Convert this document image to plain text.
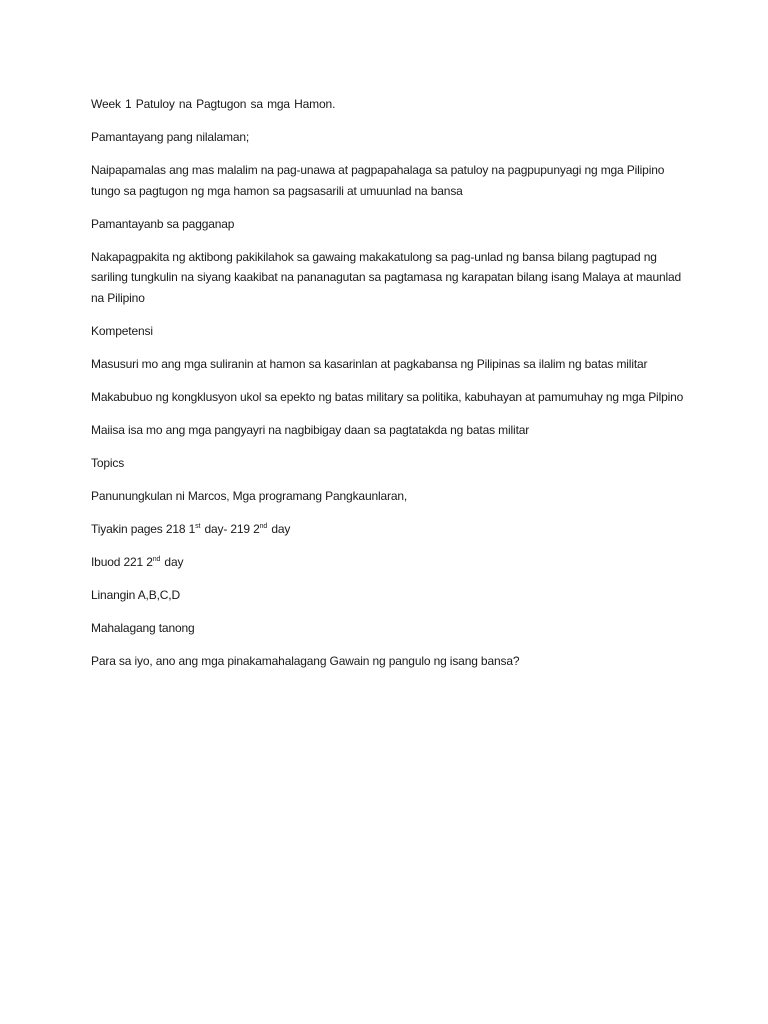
Week 1 Patuloy na Pagtugon sa mga Hamon.

Pamantayang pang nilalaman;

Naipapamalas ang mas malalim na pag-unawa at pagpapahalaga sa patuloy na pagpupunyagi ng mga Pilipino tungo sa pagtugon ng mga hamon sa pagsasarili at umuunlad na bansa

Pamantayanb sa pagganap

Nakapagpakita ng aktibong pakikilahok sa gawaing makakatulong sa pag-unlad ng bansa bilang pagtupad ng sariling tungkulin na siyang kaakibat na pananagutan sa pagtamasa ng karapatan bilang isang Malaya at maunlad na Pilipino

Kompetensi

Masusuri mo ang mga suliranin at hamon sa kasarinlan at pagkabansa ng Pilipinas sa ilalim ng batas militar

Makabubuo ng kongklusyon ukol sa epekto ng batas military sa politika, kabuhayan at pamumuhay ng mga Pilpino

Maiisa isa mo ang mga pangyayri na nagbibigay daan sa pagtatakda ng batas militar

Topics

Panunungkulan ni Marcos, Mga programang Pangkaunlaran,

Tiyakin pages 218 1st day- 219 2nd day

Ibuod 221 2nd day

Linangin A,B,C,D

Mahalagang tanong

Para sa iyo, ano ang mga pinakamahalagang Gawain ng pangulo ng isang bansa?
